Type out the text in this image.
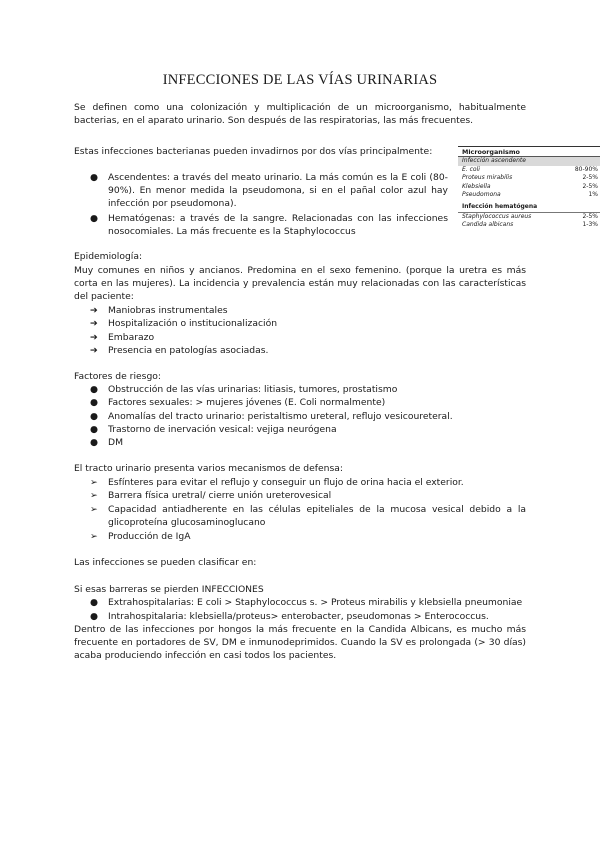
INFECCIONES DE LAS VÍAS URINARIAS

Se definen como una colonización y multiplicación de un microorganismo, habitualmente bacterias, en el aparato urinario. Son después de las respiratorias, las más frecuentes.

Estas infecciones bacterianas pueden invadirnos por dos vías principalmente:

●	Ascendentes: a través del meato urinario. La más común es la E coli (80-90%). En menor medida la pseudomona, si en el pañal color azul hay infección por pseudomona).
●	Hematógenas: a través de la sangre. Relacionadas con las infecciones nosocomiales. La más frecuente es la Staphylococcus
Microorganismo
Infección ascendente
E. coli	80-90%
Proteus mirabilis	2-5%
Klebsiella	2-5%
Pseudomona	1%
Infección hematógena
Staphylococcus aureus	2-5%
Candida albicans	1-3%

Epidemiología:

Muy comunes en niños y ancianos. Predomina en el sexo femenino. (porque la uretra es más corta en las mujeres). La incidencia y prevalencia están muy relacionadas con las características del paciente:

➔	Maniobras instrumentales
➔	Hospitalización o institucionalización
➔	Embarazo
➔	Presencia en patologías asociadas.

Factores de riesgo:

●	Obstrucción de las vías urinarias: litiasis, tumores, prostatismo
●	Factores sexuales: > mujeres jóvenes (E. Coli normalmente)
●	Anomalías del tracto urinario: peristaltismo ureteral, reflujo vesicoureteral.
●	Trastorno de inervación vesical: vejiga neurógena
●	DM

El tracto urinario presenta varios mecanismos de defensa:

➢	Esfínteres para evitar el reflujo y conseguir un flujo de orina hacia el exterior.
➢	Barrera física uretral/ cierre unión ureterovesical
➢	Capacidad antiadherente en las células epiteliales de la mucosa vesical debido a la glicoproteína glucosaminoglucano
➢	Producción de IgA

Las infecciones se pueden clasificar en:

Si esas barreras se pierden INFECCIONES

●	Extrahospitalarias: E coli > Staphylococcus s. > Proteus mirabilis y klebsiella pneumoniae
●	Intrahospitalaria: klebsiella/proteus> enterobacter, pseudomonas > Enterococcus.

Dentro de las infecciones por hongos la más frecuente en la Candida Albicans, es mucho más frecuente en portadores de SV, DM e inmunodeprimidos. Cuando la SV es prolongada (> 30 días) acaba produciendo infección en casi todos los pacientes.
